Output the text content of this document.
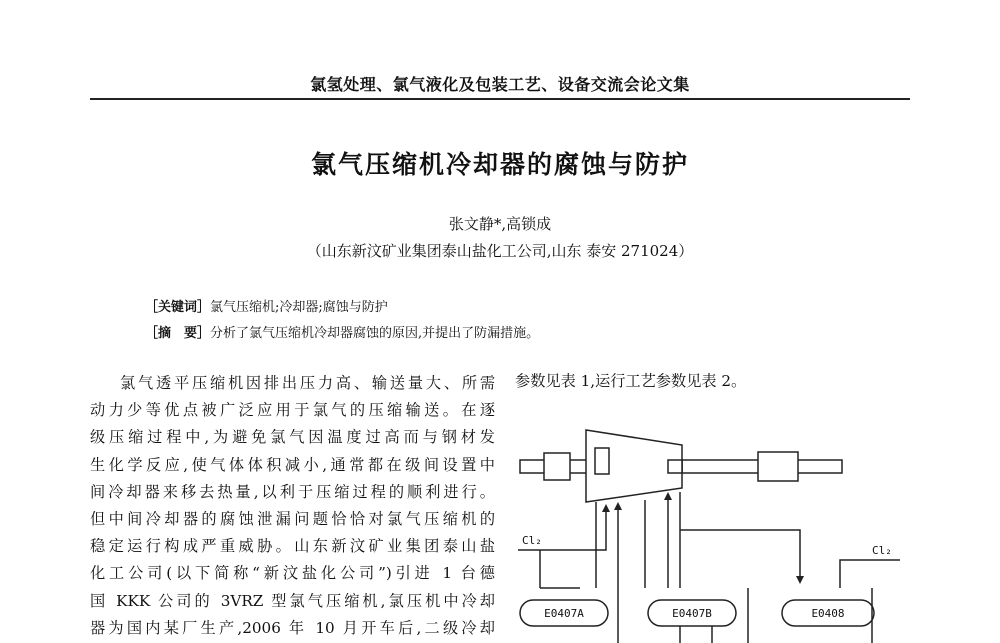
氯氢处理、氯气液化及包装工艺、设备交流会论文集
氯气压缩机冷却器的腐蚀与防护
张文静*,高锁成
（山东新汶矿业集团泰山盐化工公司,山东 泰安 271024）
［关键词］氯气压缩机;冷却器;腐蚀与防护
［摘　要］分析了氯气压缩机冷却器腐蚀的原因,并提出了防漏措施。

氯气透平压缩机因排出压力高、输送量大、所需

动力少等优点被广泛应用于氯气的压缩输送。在逐

级压缩过程中,为避免氯气因温度过高而与钢材发

生化学反应,使气体体积减小,通常都在级间设置中

间冷却器来移去热量,以利于压缩过程的顺利进行。

但中间冷却器的腐蚀泄漏问题恰恰对氯气压缩机的

稳定运行构成严重威胁。山东新汶矿业集团泰山盐

化工公司(以下简称“新汶盐化公司”)引进 1 台德

国 KKK 公司的 3VRZ 型氯气压缩机,氯压机中冷却

器为国内某厂生产,2006 年 10 月开车后,二级冷却

参数见表 1,运行工艺参数见表 2。
Cl₂
Cl₂
E0407A	E0407B	E0408
